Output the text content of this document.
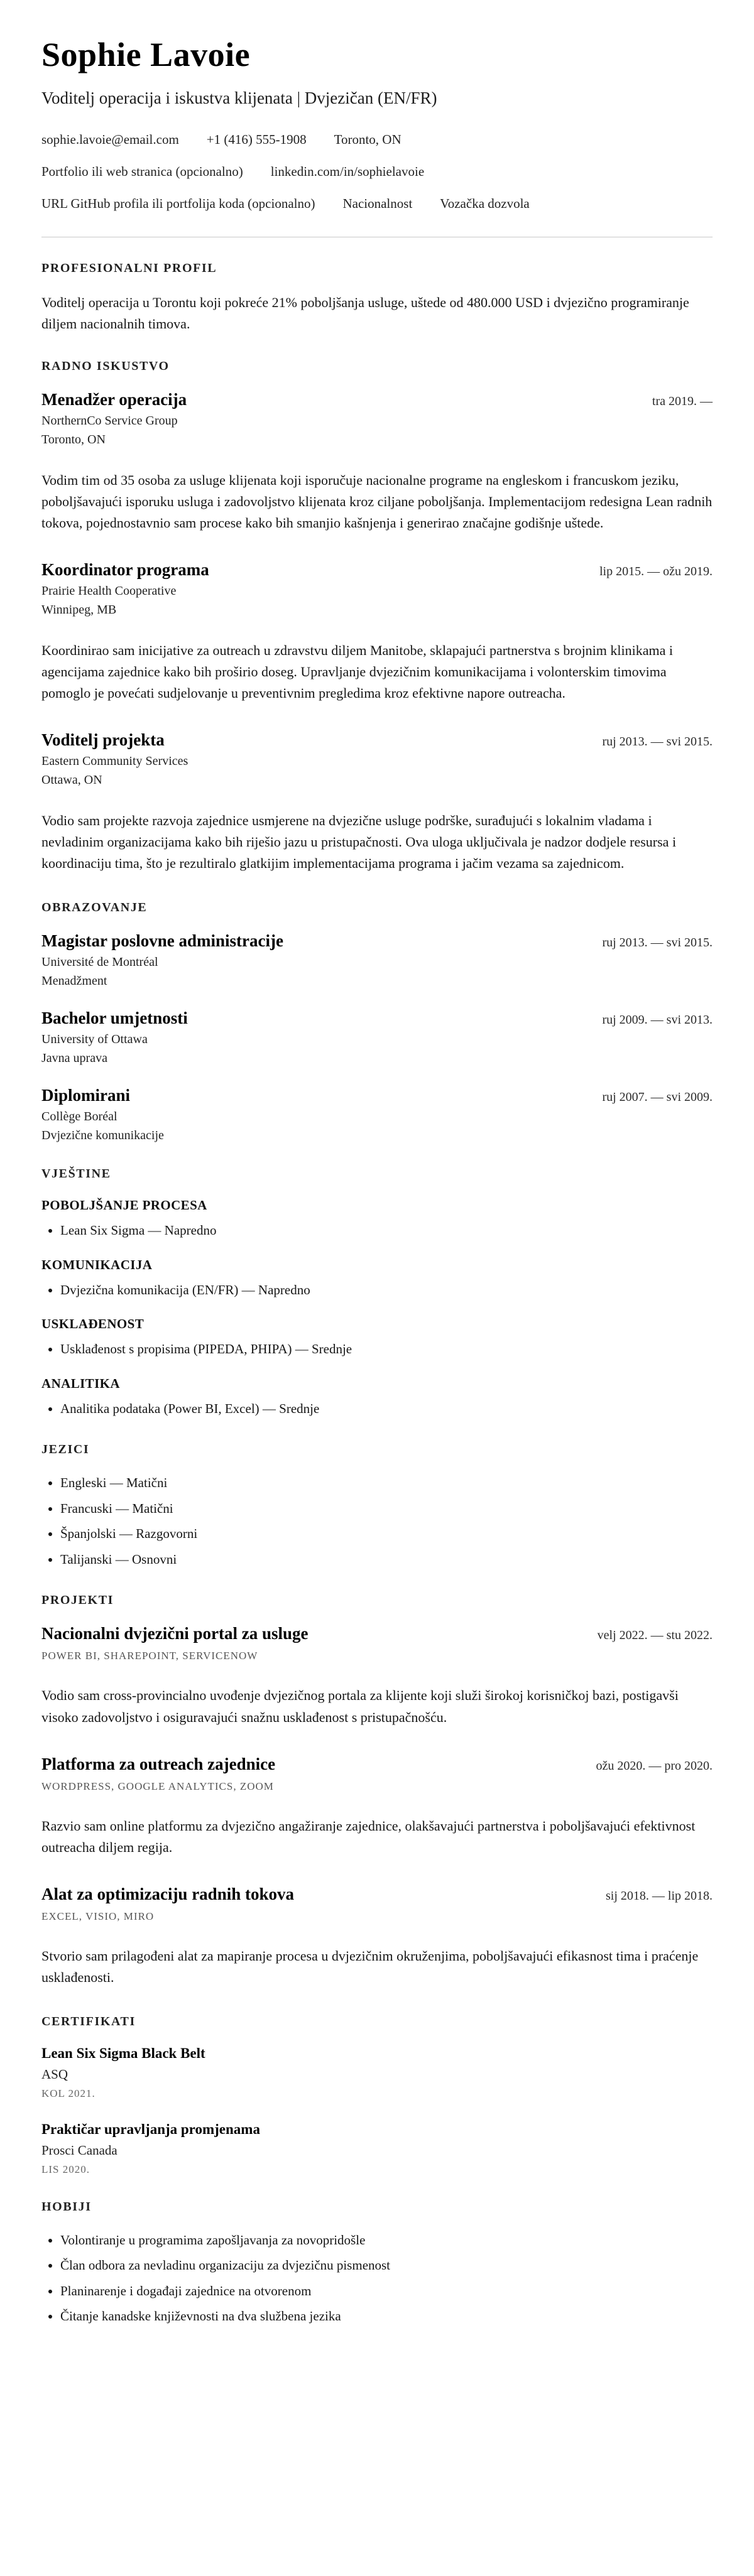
Sophie Lavoie

Voditelj operacija i iskustva klijenata | Dvjezičan (EN/FR)

sophie.lavoie@email.com +1 (416) 555-1908 Toronto, ON
Portfolio ili web stranica (opcionalno) linkedin.com/in/sophielavoie
URL GitHub profila ili portfolija koda (opcionalno) Nacionalnost Vozačka dozvola
PROFESIONALNI PROFIL

Voditelj operacija u Torontu koji pokreće 21% poboljšanja usluge, uštede od 480.000 USD i dvjezično programiranje diljem nacionalnih timova.

RADNO ISKUSTVO
Menadžer operacija	tra 2019. —
NorthernCo Service Group
Toronto, ON

Vodim tim od 35 osoba za usluge klijenata koji isporučuje nacionalne programe na engleskom i francuskom jeziku, poboljšavajući isporuku usluga i zadovoljstvo klijenata kroz ciljane poboljšanja. Implementacijom redesigna Lean radnih tokova, pojednostavnio sam procese kako bih smanjio kašnjenja i generirao značajne godišnje uštede.

Koordinator programa	lip 2015. — ožu 2019.
Prairie Health Cooperative
Winnipeg, MB

Koordinirao sam inicijative za outreach u zdravstvu diljem Manitobe, sklapajući partnerstva s brojnim klinikama i agencijama zajednice kako bih proširio doseg. Upravljanje dvjezičnim komunikacijama i volonterskim timovima pomoglo je povećati sudjelovanje u preventivnim pregledima kroz efektivne napore outreacha.

Voditelj projekta	ruj 2013. — svi 2015.
Eastern Community Services
Ottawa, ON

Vodio sam projekte razvoja zajednice usmjerene na dvjezične usluge podrške, surađujući s lokalnim vladama i nevladinim organizacijama kako bih riješio jazu u pristupačnosti. Ova uloga uključivala je nadzor dodjele resursa i koordinaciju tima, što je rezultiralo glatkijim implementacijama programa i jačim vezama sa zajednicom.

OBRAZOVANJE
Magistar poslovne administracije	ruj 2013. — svi 2015.
Université de Montréal
Menadžment
Bachelor umjetnosti	ruj 2009. — svi 2013.
University of Ottawa
Javna uprava
Diplomirani	ruj 2007. — svi 2009.
Collège Boréal
Dvjezične komunikacije
VJEŠTINE
POBOLJŠANJE PROCESA
• Lean Six Sigma — Napredno
KOMUNIKACIJA
• Dvjezična komunikacija (EN/FR) — Napredno
USKLAĐENOST
• Usklađenost s propisima (PIPEDA, PHIPA) — Srednje
ANALITIKA
• Analitika podataka (Power BI, Excel) — Srednje
JEZICI
• Engleski — Matični
• Francuski — Matični
• Španjolski — Razgovorni
• Talijanski — Osnovni
PROJEKTI
Nacionalni dvjezični portal za usluge	velj 2022. — stu 2022.
POWER BI, SHAREPOINT, SERVICENOW

Vodio sam cross-provincialno uvođenje dvjezičnog portala za klijente koji služi širokoj korisničkoj bazi, postigavši visoko zadovoljstvo i osiguravajući snažnu usklađenost s pristupačnošću.

Platforma za outreach zajednice	ožu 2020. — pro 2020.
WORDPRESS, GOOGLE ANALYTICS, ZOOM

Razvio sam online platformu za dvjezično angažiranje zajednice, olakšavajući partnerstva i poboljšavajući efektivnost outreacha diljem regija.

Alat za optimizaciju radnih tokova	sij 2018. — lip 2018.
EXCEL, VISIO, MIRO

Stvorio sam prilagođeni alat za mapiranje procesa u dvjezičnim okruženjima, poboljšavajući efikasnost tima i praćenje usklađenosti.

CERTIFIKATI
Lean Six Sigma Black Belt
ASQ
KOL 2021.
Praktičar upravljanja promjenama
Prosci Canada
LIS 2020.
HOBIJI
• Volontiranje u programima zapošljavanja za novopridošle
• Član odbora za nevladinu organizaciju za dvjezičnu pismenost
• Planinarenje i događaji zajednice na otvorenom
• Čitanje kanadske književnosti na dva službena jezika
